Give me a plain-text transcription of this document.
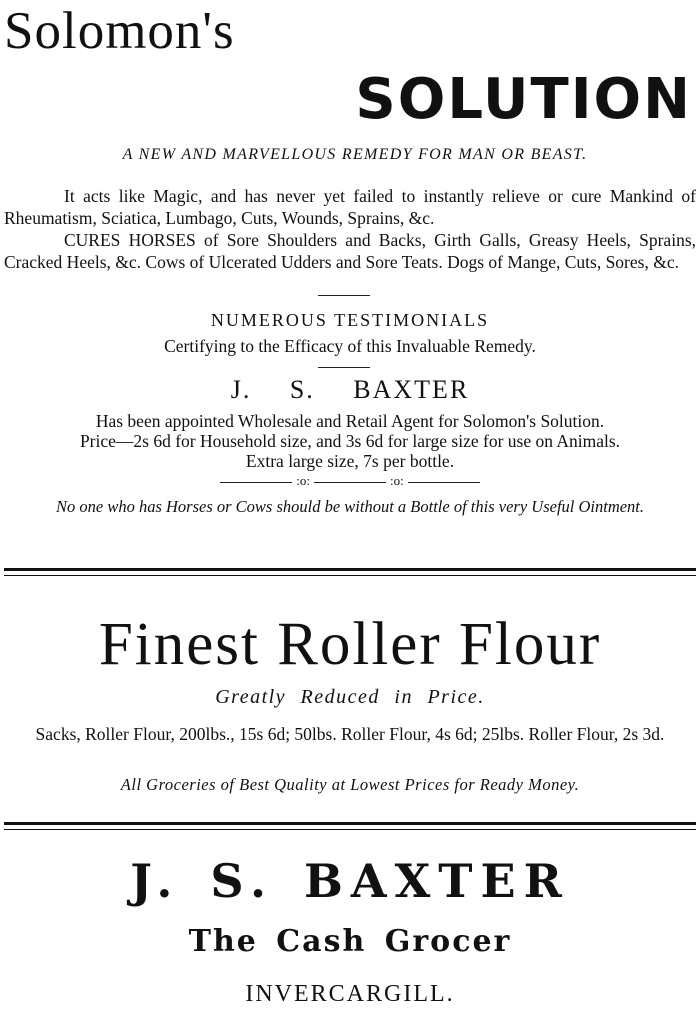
Solomon's
SOLUTION
A NEW AND MARVELLOUS REMEDY FOR MAN OR BEAST.

It acts like Magic, and has never yet failed to instantly relieve or cure Mankind of Rheumatism, Sciatica, Lumbago, Cuts, Wounds, Sprains, &c.

CURES HORSES of Sore Shoulders and Backs, Girth Galls, Greasy Heels, Sprains, Cracked Heels, &c. Cows of Ulcerated Udders and Sore Teats. Dogs of Mange, Cuts, Sores, &c.

NUMEROUS TESTIMONIALS
Certifying to the Efficacy of this Invaluable Remedy.
J. S. BAXTER
Has been appointed Wholesale and Retail Agent for Solomon's Solution.
Price—2s 6d for Household size, and 3s 6d for large size for use on Animals.
Extra large size, 7s per bottle.
:o:	:o:
No one who has Horses or Cows should be without a Bottle of this very Useful Ointment.
Finest Roller Flour
Greatly Reduced in Price.
Sacks, Roller Flour, 200lbs., 15s 6d; 50lbs. Roller Flour, 4s 6d; 25lbs. Roller Flour, 2s 3d.
All Groceries of Best Quality at Lowest Prices for Ready Money.
J. S. BAXTER
The Cash Grocer
INVERCARGILL.
